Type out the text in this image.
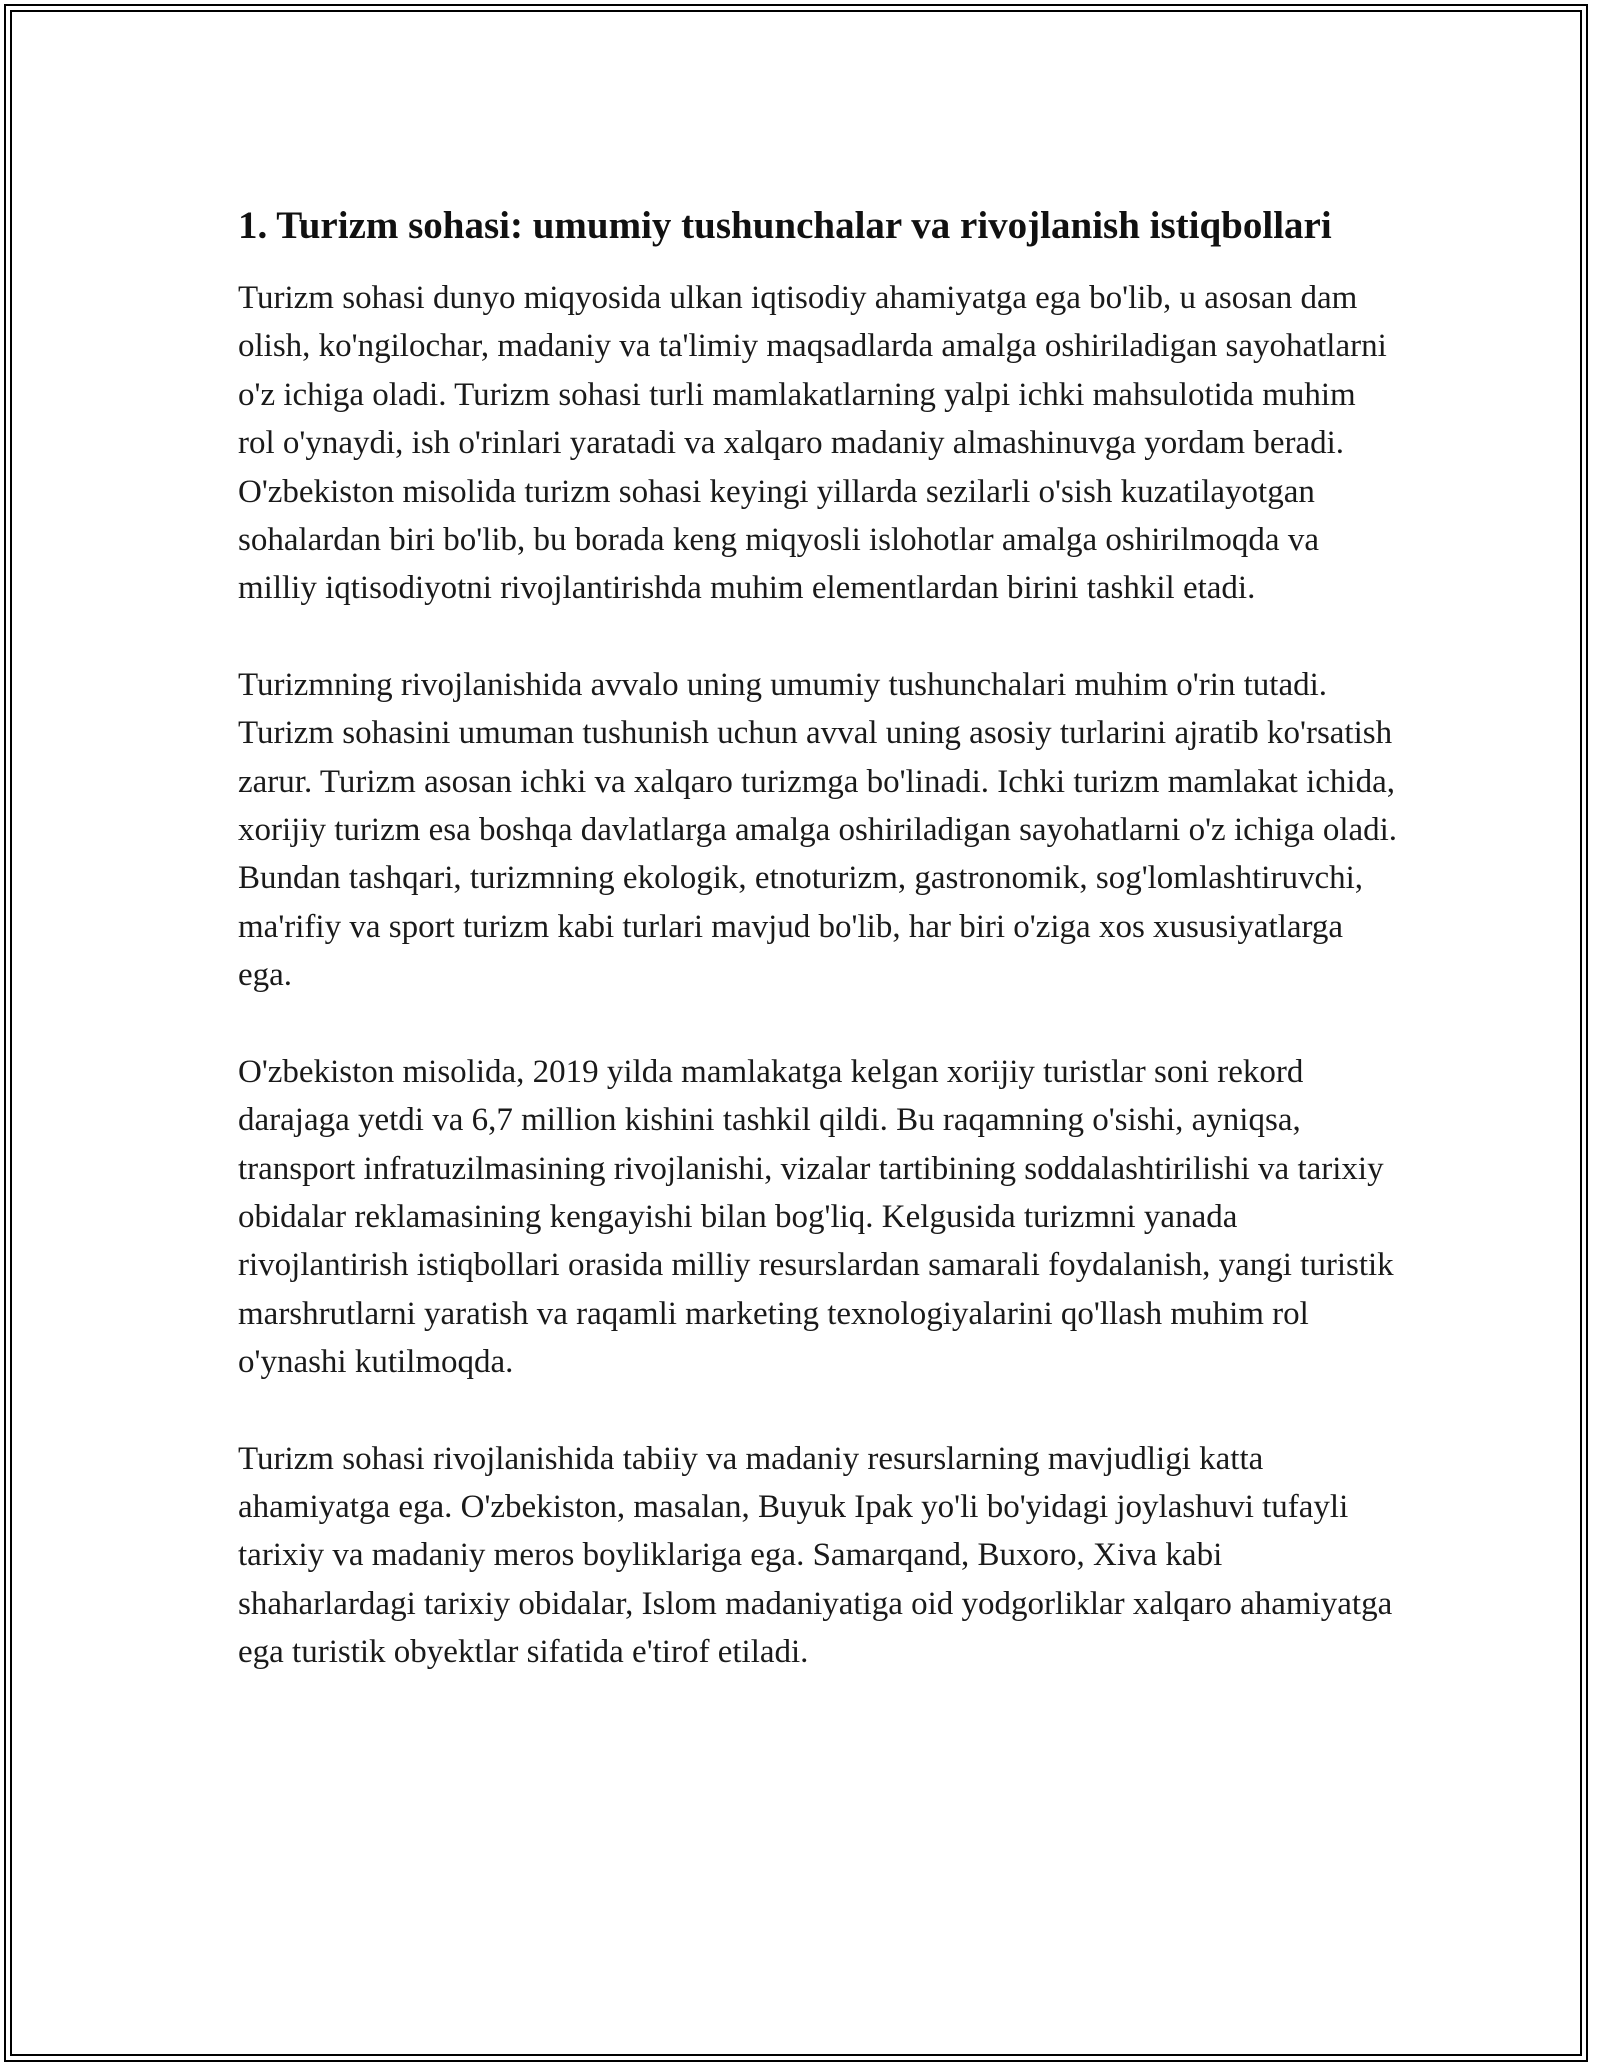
1. Turizm sohasi: umumiy tushunchalar va rivojlanish istiqbollari

Turizm sohasi dunyo miqyosida ulkan iqtisodiy ahamiyatga ega bo'lib, u asosan dam olish, ko'ngilochar, madaniy va ta'limiy maqsadlarda amalga oshiriladigan sayohatlarni o'z ichiga oladi. Turizm sohasi turli mamlakatlarning yalpi ichki mahsulotida muhim rol o'ynaydi, ish o'rinlari yaratadi va xalqaro madaniy almashinuvga yordam beradi. O'zbekiston misolida turizm sohasi keyingi yillarda sezilarli o'sish kuzatilayotgan sohalardan biri bo'lib, bu borada keng miqyosli islohotlar amalga oshirilmoqda va milliy iqtisodiyotni rivojlantirishda muhim elementlardan birini tashkil etadi.

Turizmning rivojlanishida avvalo uning umumiy tushunchalari muhim o'rin tutadi. Turizm sohasini umuman tushunish uchun avval uning asosiy turlarini ajratib ko'rsatish zarur. Turizm asosan ichki va xalqaro turizmga bo'linadi. Ichki turizm mamlakat ichida, xorijiy turizm esa boshqa davlatlarga amalga oshiriladigan sayohatlarni o'z ichiga oladi. Bundan tashqari, turizmning ekologik, etnoturizm, gastronomik, sog'lomlashtiruvchi, ma'rifiy va sport turizm kabi turlari mavjud bo'lib, har biri o'ziga xos xususiyatlarga ega.

O'zbekiston misolida, 2019 yilda mamlakatga kelgan xorijiy turistlar soni rekord darajaga yetdi va 6,7 million kishini tashkil qildi. Bu raqamning o'sishi, ayniqsa, transport infratuzilmasining rivojlanishi, vizalar tartibining soddalashtirilishi va tarixiy obidalar reklamasining kengayishi bilan bog'liq. Kelgusida turizmni yanada rivojlantirish istiqbollari orasida milliy resurslardan samarali foydalanish, yangi turistik marshrutlarni yaratish va raqamli marketing texnologiyalarini qo'llash muhim rol o'ynashi kutilmoqda.

Turizm sohasi rivojlanishida tabiiy va madaniy resurslarning mavjudligi katta ahamiyatga ega. O'zbekiston, masalan, Buyuk Ipak yo'li bo'yidagi joylashuvi tufayli tarixiy va madaniy meros boyliklariga ega. Samarqand, Buxoro, Xiva kabi shaharlardagi tarixiy obidalar, Islom madaniyatiga oid yodgorliklar xalqaro ahamiyatga ega turistik obyektlar sifatida e'tirof etiladi.
